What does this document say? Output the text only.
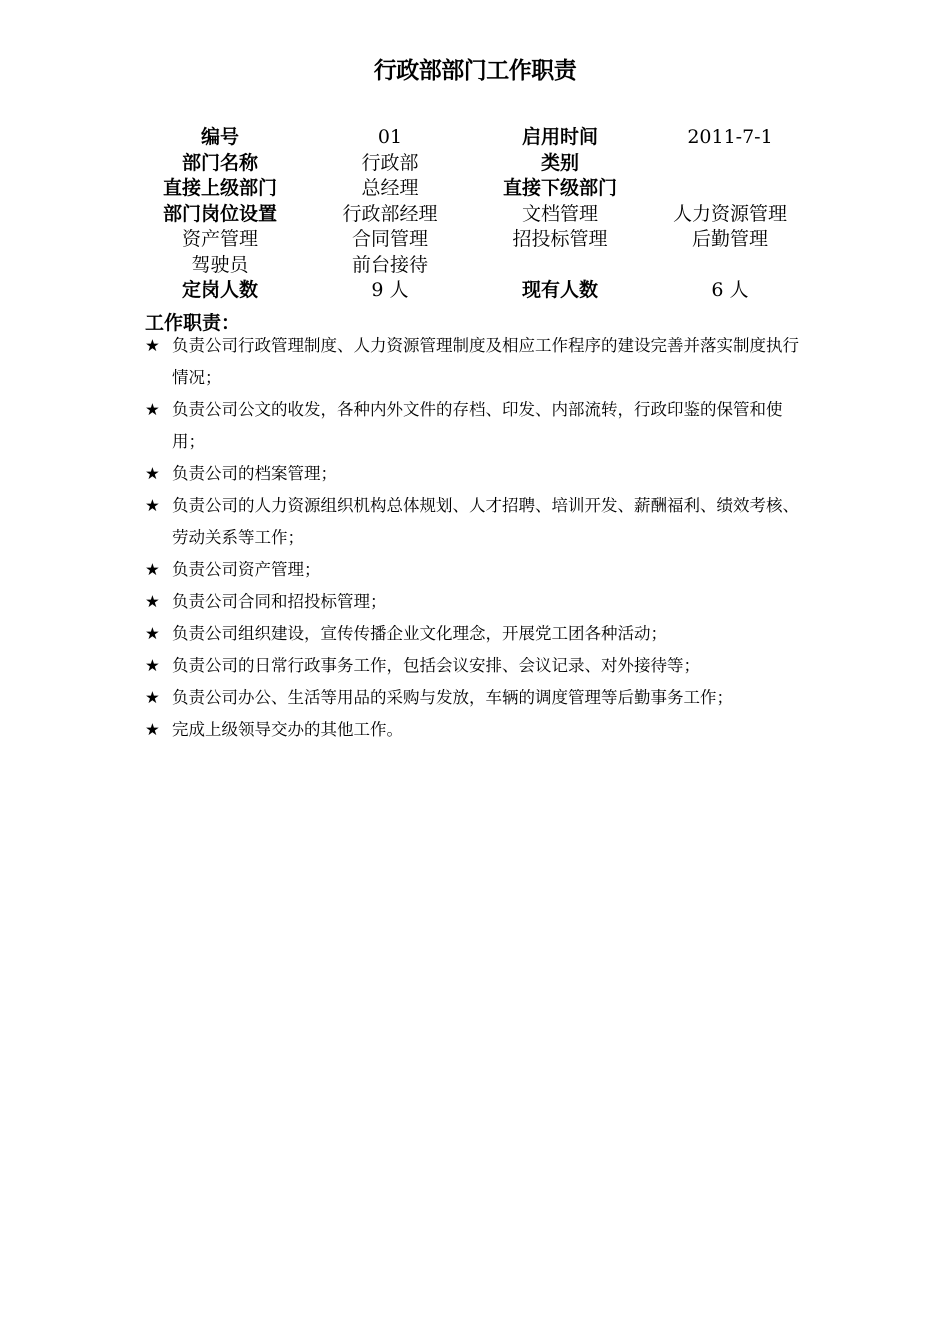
行政部部门工作职责
编号	01	启用时间	2011-7-1
部门名称	行政部	类别
直接上级部门	总经理	直接下级部门
部门岗位设置	行政部经理	文档管理	人力资源管理
资产管理	合同管理	招投标管理	后勤管理
驾驶员	前台接待
定岗人数	9 人	现有人数	6 人
工作职责：

★ 负责公司行政管理制度、人力资源管理制度及相应工作程序的建设完善并落实制度执行情况；

★ 负责公司公文的收发，各种内外文件的存档、印发、内部流转，行政印鉴的保管和使用；

★ 负责公司的档案管理；

★ 负责公司的人力资源组织机构总体规划、人才招聘、培训开发、薪酬福利、绩效考核、劳动关系等工作；

★ 负责公司资产管理；

★ 负责公司合同和招投标管理；

★ 负责公司组织建设，宣传传播企业文化理念，开展党工团各种活动；

★ 负责公司的日常行政事务工作，包括会议安排、会议记录、对外接待等；

★ 负责公司办公、生活等用品的采购与发放，车辆的调度管理等后勤事务工作；

★ 完成上级领导交办的其他工作。
